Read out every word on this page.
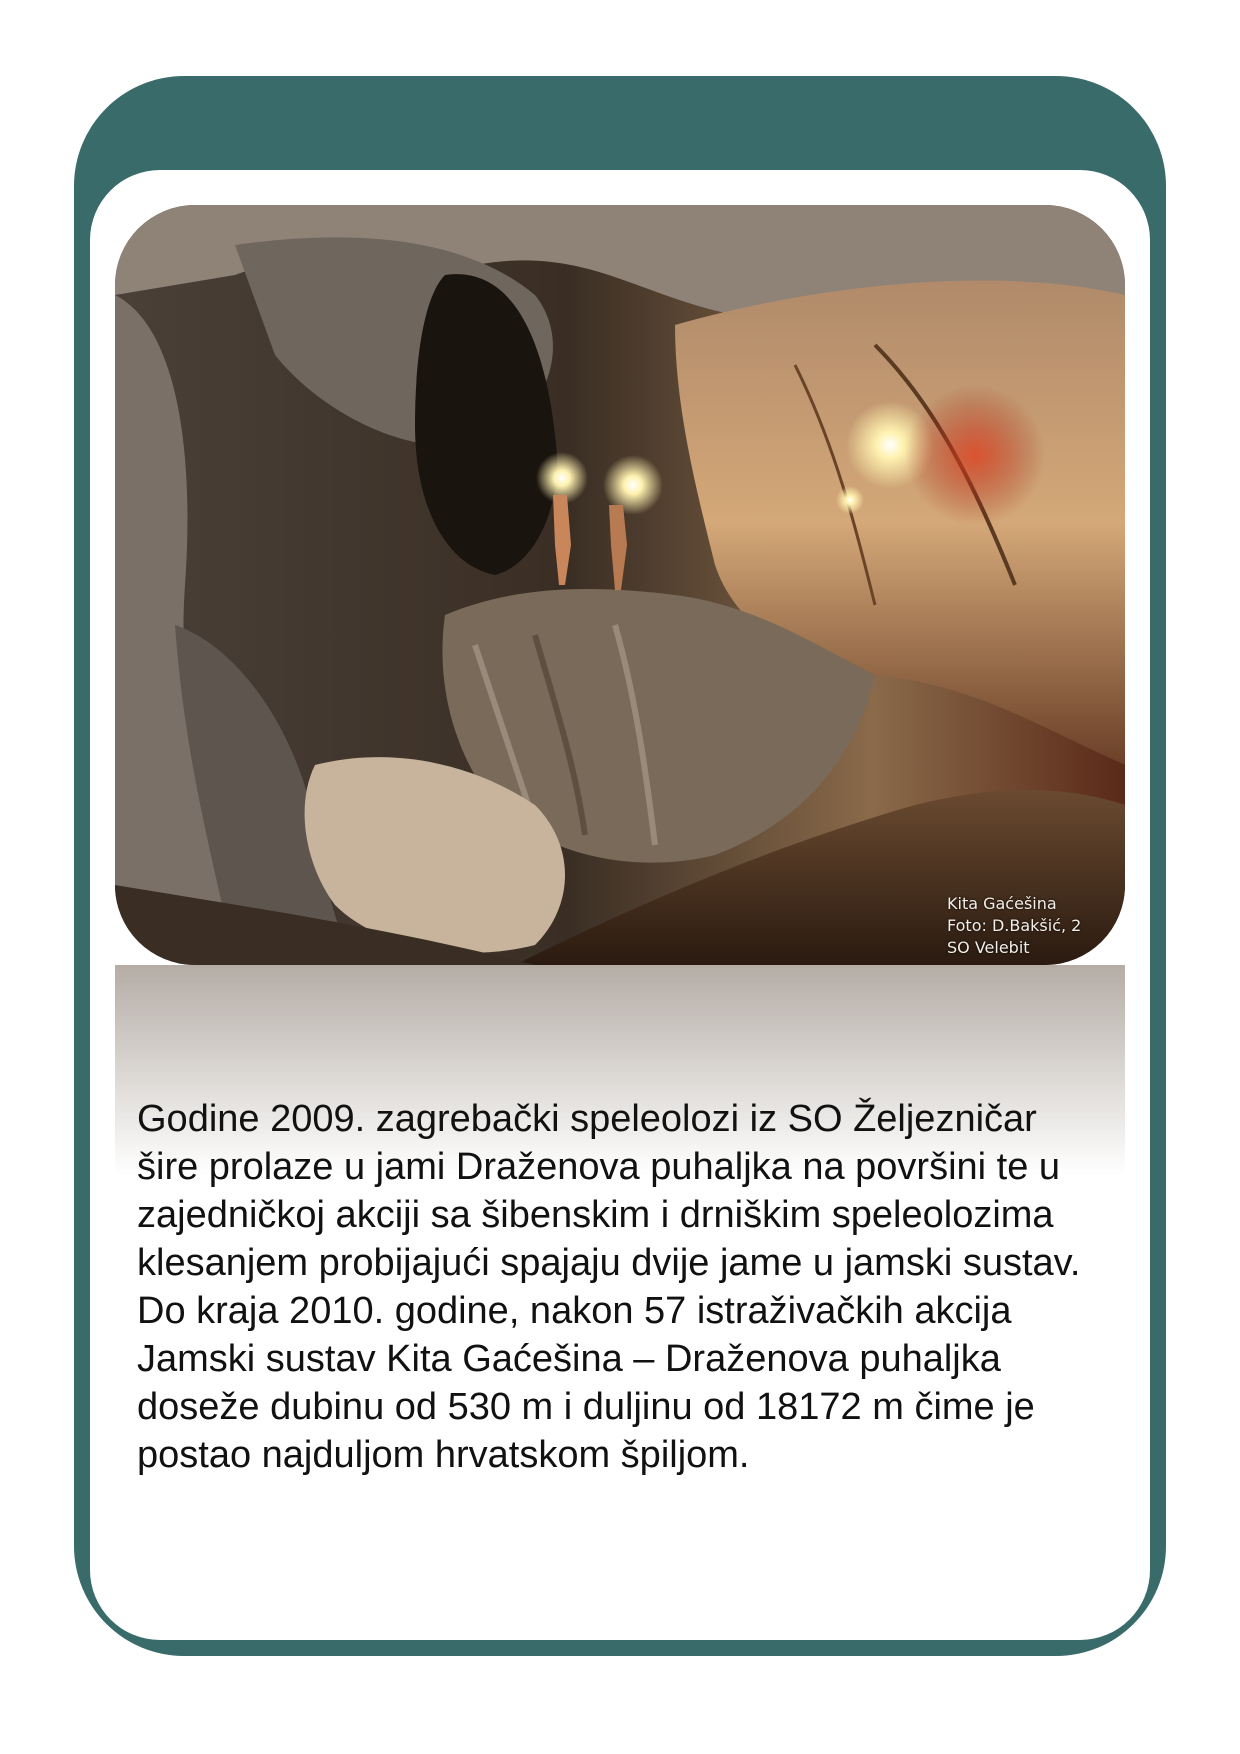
Kita Gaćešina
Foto: D.Bakšić, 2
SO Velebit
Godine 2009. zagrebački speleolozi iz SO Željezničar šire prolaze u jami Draženova puhaljka na površini te u zajedničkoj akciji sa šibenskim i drniškim speleolozima klesanjem probijajući spajaju dvije jame u jamski sustav. Do kraja 2010. godine, nakon 57 istraživačkih akcija Jamski sustav Kita Gaćešina – Draženova puhaljka doseže dubinu od 530 m i duljinu od 18172 m čime je postao najduljom hrvatskom špiljom.
